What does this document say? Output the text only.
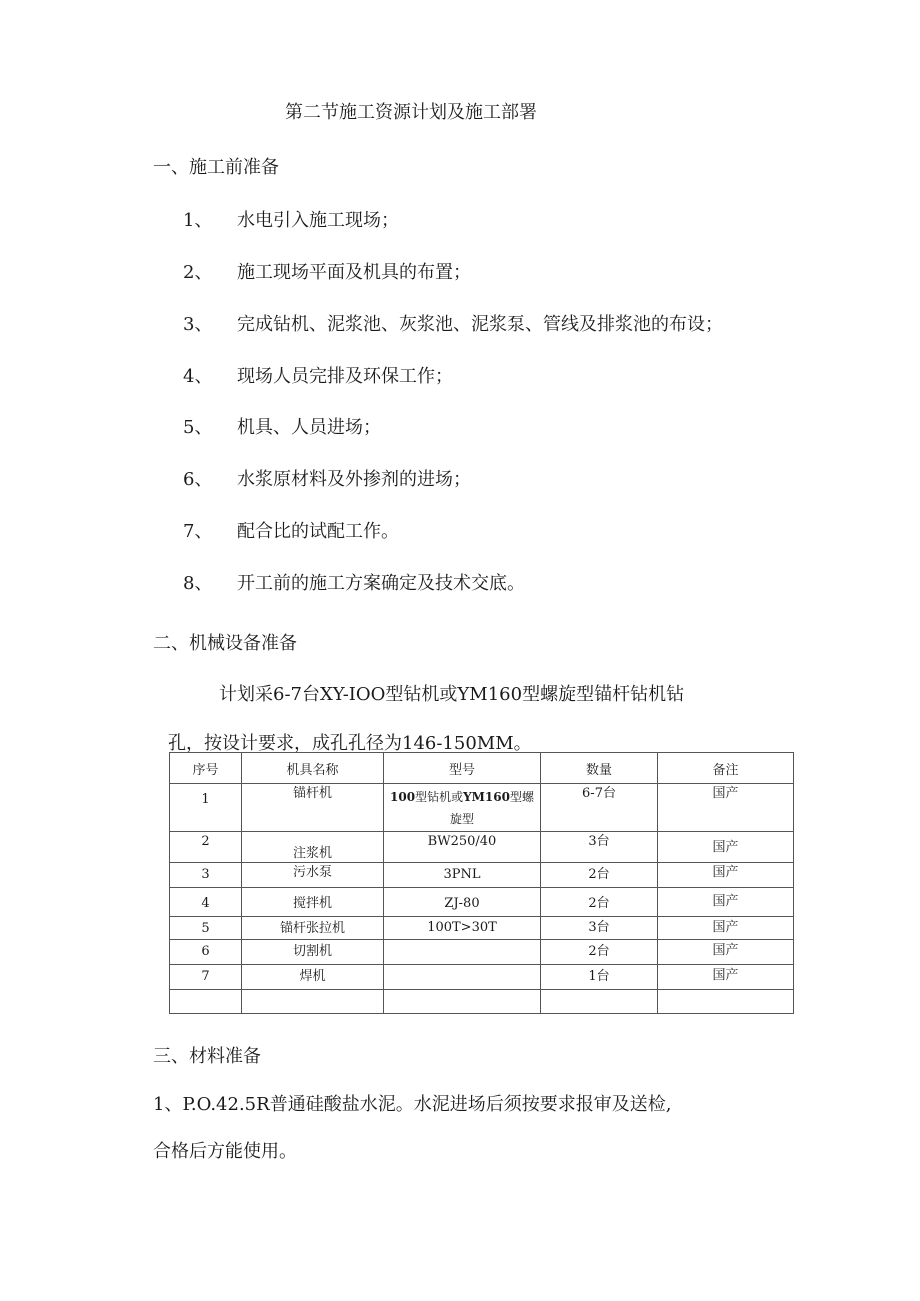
第二节施工资源计划及施工部署
一、施工前准备
1、 水电引入施工现场；
2、 施工现场平面及机具的布置；
3、 完成钻机、泥浆池、灰浆池、泥浆泵、管线及排浆池的布设；
4、 现场人员完排及环保工作；
5、 机具、人员进场；
6、 水浆原材料及外掺剂的进场；
7、 配合比的试配工作。
8、 开工前的施工方案确定及技术交底。
二、机械设备准备
计划采6-7台XY-IOO型钻机或YM160型螺旋型锚杆钻机钻
孔，按设计要求，成孔孔径为146-150MM。
序号	机具名称	型号	数量	备注
1	锚杆机	100型钻机或YM160型螺旋型	6-7台	国产
2	注浆机	BW250/40	3台	国产
3	污水泵	3PNL	2台	国产
4	搅拌机	ZJ-80	2台	国产
5	锚杆张拉机	100T>30T	3台	国产
6	切割机		2台	国产
7	焊机		1台	国产

三、材料准备
1、P.O.42.5R普通硅酸盐水泥。水泥进场后须按要求报审及送检,
合格后方能使用。
